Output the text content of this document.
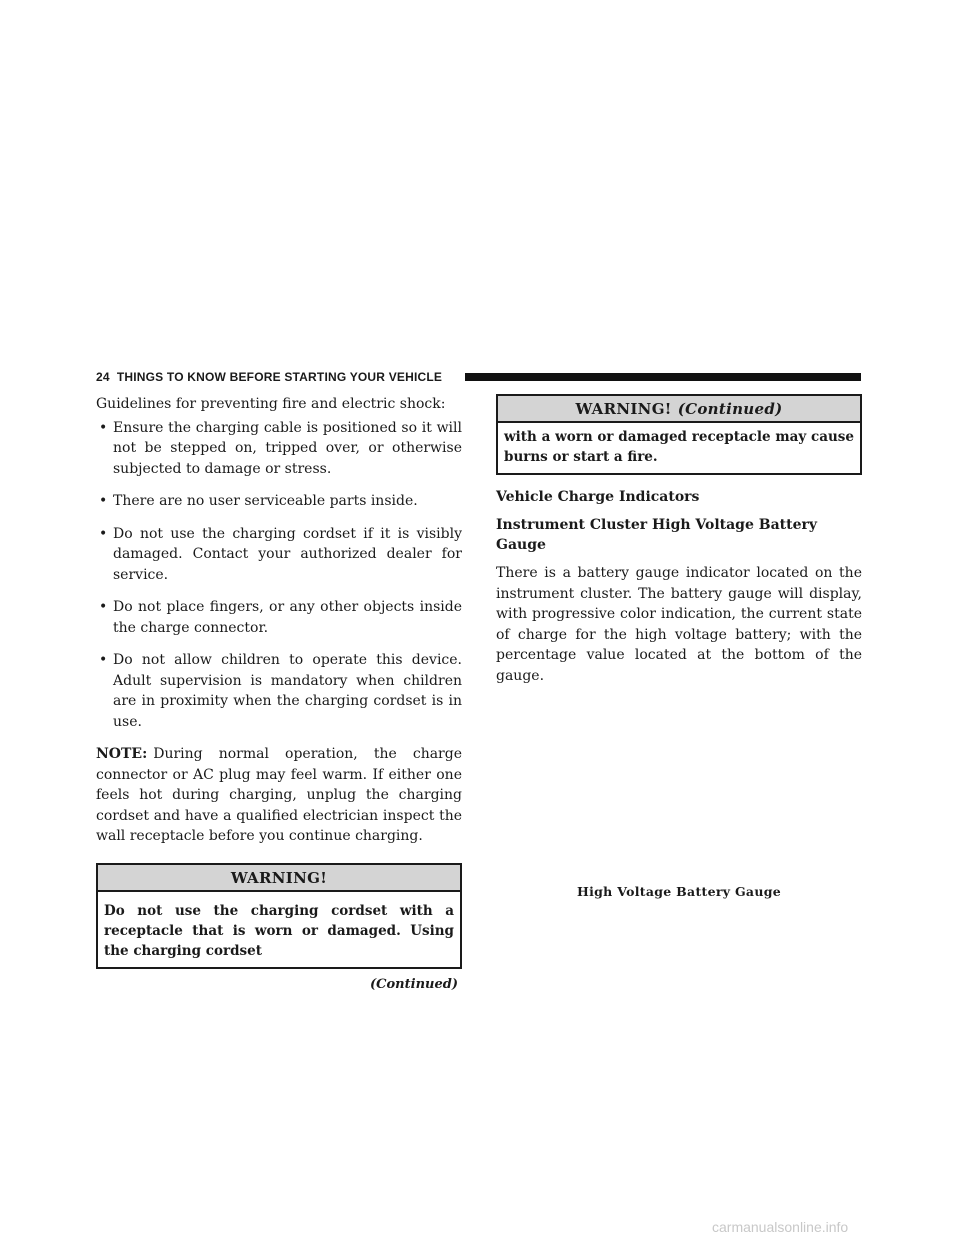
24 THINGS TO KNOW BEFORE STARTING YOUR VEHICLE

Guidelines for preventing fire and electric shock:

• Ensure the charging cable is positioned so it will not be stepped on, tripped over, or otherwise subjected to damage or stress.
• There are no user serviceable parts inside.
• Do not use the charging cordset if it is visibly damaged. Contact your authorized dealer for service.
• Do not place fingers, or any other objects inside the charge connector.
• Do not allow children to operate this device. Adult supervision is mandatory when children are in proximity when the charging cordset is in use.

NOTE: During normal operation, the charge connector or AC plug may feel warm. If either one feels hot during charging, unplug the charging cordset and have a qualified electrician inspect the wall receptacle before you continue charging.

WARNING!
Do not use the charging cordset with a receptacle that is worn or damaged. Using the charging cordset
(Continued)
WARNING! (Continued)
with a worn or damaged receptacle may cause burns or start a fire.
Vehicle Charge Indicators
Instrument Cluster High Voltage Battery Gauge

There is a battery gauge indicator located on the instrument cluster. The battery gauge will display, with progressive color indication, the current state of charge for the high voltage battery; with the percentage value located at the bottom of the gauge.

High Voltage Battery Gauge
carmanualsonline.info
